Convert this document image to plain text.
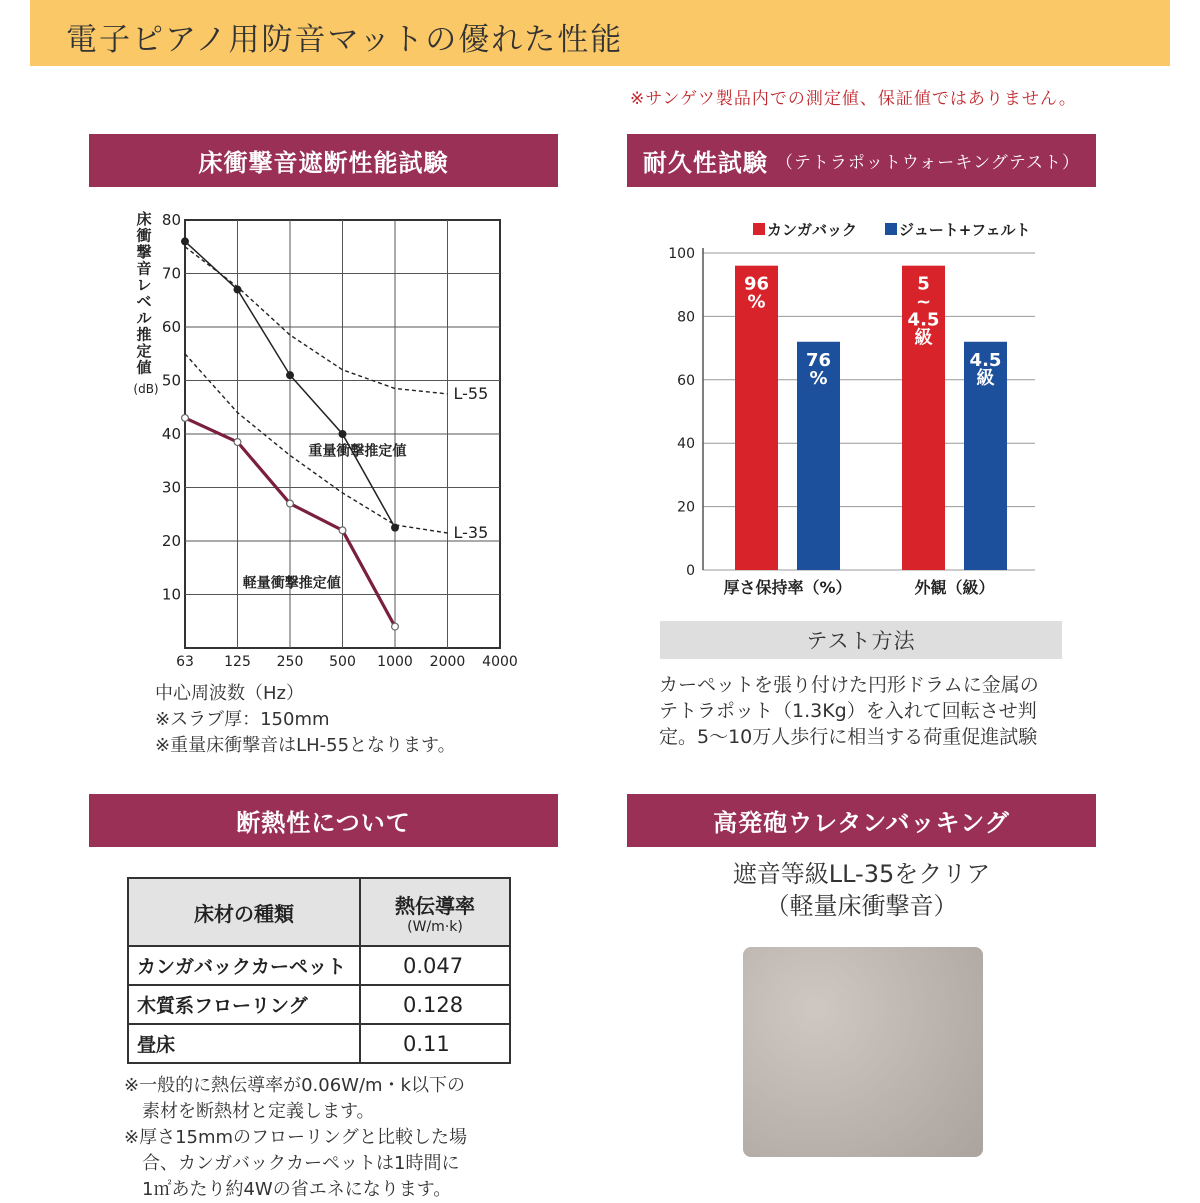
電子ピアノ用防音マットの優れた性能
※サンゲツ製品内での測定値、保証値ではありません。
床衝撃音遮断性能試験	耐久性試験 （テトラポットウォーキングテスト）
断熱性について	高発砲ウレタンバッキング
10
20
30
40
50
60
70
80
63 125 250 500 1000 2000 4000
床
衝
撃
音
レ
ベ
ル
推
定
値
(dB)	L-55
L-35
重量衝撃推定値
軽量衝撃推定値
中心周波数（Hz）
※スラブ厚：150mm
※重量床衝撃音はLH-55となります。
カンガバック	ジュート+フェルト
0
20
40
60
80
100
96
%
76
%
厚さ保持率（%）
5
~
4.5
級
4.5
級
外観（級）
テスト方法
カーペットを張り付けた円形ドラムに金属の
テトラポット（1.3Kg）を入れて回転させ判
定。5〜10万人歩行に相当する荷重促進試験
床材の種類	熱伝導率
(W/m·k)

カンガバックカーペット	0.047
木質系フローリング	0.128
畳床	0.11
※一般的に熱伝導率が0.06W/m・k以下の
　素材を断熱材と定義します。
※厚さ15mmのフローリングと比較した場
　合、カンガバックカーペットは1時間に
　1㎡あたり約4Wの省エネになります。
遮音等級LL-35をクリア
（軽量床衝撃音）
